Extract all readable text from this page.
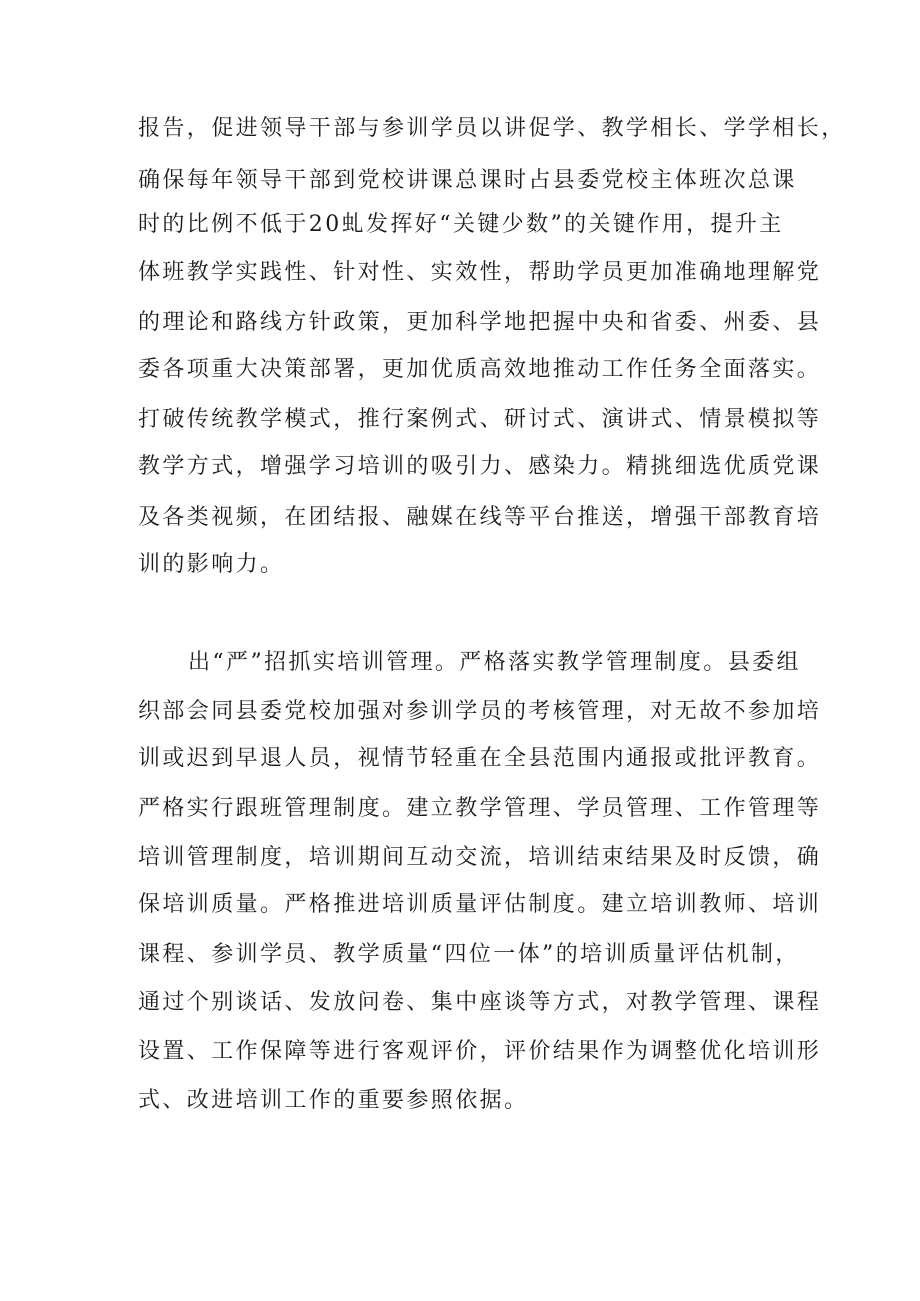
报告，促进领导干部与参训学员以讲促学、教学相长、学学相长，

确保每年领导干部到党校讲课总课时占县委党校主体班次总课

时的比例不低于20虬发挥好“关键少数”的关键作用，提升主

体班教学实践性、针对性、实效性，帮助学员更加准确地理解党

的理论和路线方针政策，更加科学地把握中央和省委、州委、县

委各项重大决策部署，更加优质高效地推动工作任务全面落实。

打破传统教学模式，推行案例式、研讨式、演讲式、情景模拟等

教学方式，增强学习培训的吸引力、感染力。精挑细选优质党课

及各类视频，在团结报、融媒在线等平台推送，增强干部教育培

训的影响力。

出“严”招抓实培训管理。严格落实教学管理制度。县委组

织部会同县委党校加强对参训学员的考核管理，对无故不参加培

训或迟到早退人员，视情节轻重在全县范围内通报或批评教育。

严格实行跟班管理制度。建立教学管理、学员管理、工作管理等

培训管理制度，培训期间互动交流，培训结束结果及时反馈，确

保培训质量。严格推进培训质量评估制度。建立培训教师、培训

课程、参训学员、教学质量“四位一体”的培训质量评估机制，

通过个别谈话、发放问卷、集中座谈等方式，对教学管理、课程

设置、工作保障等进行客观评价，评价结果作为调整优化培训形

式、改进培训工作的重要参照依据。
